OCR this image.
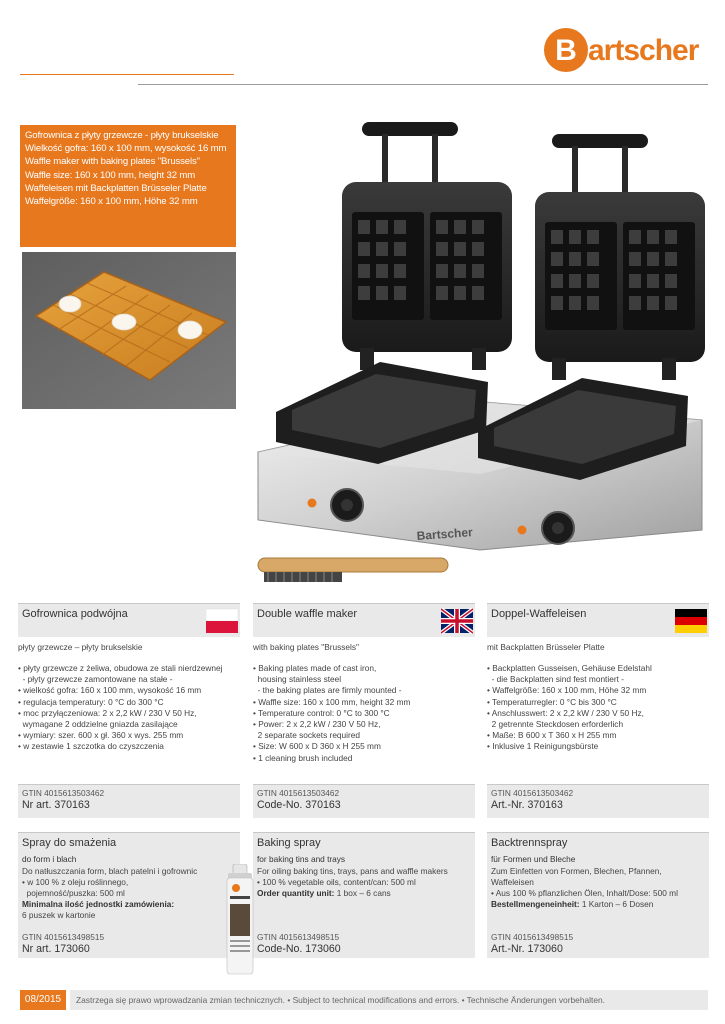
B artscher
Gofrownica z płyty grzewcze - płyty brukselskie
Wielkość gofra: 160 x 100 mm, wysokość 16 mm
Waffle maker with baking plates "Brussels"
Waffle size: 160 x 100 mm, height 32 mm
Waffeleisen mit Backplatten Brüsseler Platte
Waffelgröße: 160 x 100 mm, Höhe 32 mm
Bartscher
Gofrownica podwójna
płyty grzewcze – płyty brukselskie
• płyty grzewcze z żeliwa, obudowa ze stali nierdzewnej
- płyty grzewcze zamontowane na stałe -
• wielkość gofra: 160 x 100 mm, wysokość 16 mm
• regulacja temperatury: 0 °C do 300 °C
• moc przyłączeniowa: 2 x 2,2 kW / 230 V 50 Hz,
wymagane 2 oddzielne gniazda zasilające
• wymiary: szer. 600 x gł. 360 x wys. 255 mm
• w zestawie 1 szczotka do czyszczenia
Double waffle maker
with baking plates "Brussels"
• Baking plates made of cast iron,
housing stainless steel
- the baking plates are firmly mounted -
• Waffle size: 160 x 100 mm, height 32 mm
• Temperature control: 0 °C to 300 °C
• Power: 2 x 2,2 kW / 230 V 50 Hz,
2 separate sockets required
• Size: W 600 x D 360 x H 255 mm
• 1 cleaning brush included
Doppel-Waffeleisen
mit Backplatten Brüsseler Platte
• Backplatten Gusseisen, Gehäuse Edelstahl
- die Backplatten sind fest montiert -
• Waffelgröße: 160 x 100 mm, Höhe 32 mm
• Temperaturregler: 0 °C bis 300 °C
• Anschlusswert: 2 x 2,2 kW / 230 V 50 Hz,
2 getrennte Steckdosen erforderlich
• Maße: B 600 x T 360 x H 255 mm
• Inklusive 1 Reinigungsbürste
GTIN 4015613503462
Nr art. 370163
GTIN 4015613503462
Code-No. 370163
GTIN 4015613503462
Art.-Nr. 370163
Spray do smażenia
do form i blach
Baking spray
for baking tins and trays
Backtrennspray
für Formen und Bleche
Do natłuszczania form, blach patelni i gofrownic
• w 100 % z oleju roślinnego,
pojemność/puszka: 500 ml
Minimalna ilość jednostki zamówienia:
6 puszek w kartonie
For oiling baking tins, trays, pans and waffle makers
• 100 % vegetable oils, content/can: 500 ml
Order quantity unit: 1 box – 6 cans
Zum Einfetten von Formen, Blechen, Pfannen,
Waffeleisen
• Aus 100 % pflanzlichen Ölen, Inhalt/Dose: 500 ml
Bestellmengeneinheit: 1 Karton – 6 Dosen
GTIN 4015613498515
Nr art. 173060
GTIN 4015613498515
Code-No. 173060
GTIN 4015613498515
Art.-Nr. 173060
08/2015	Zastrzega się prawo wprowadzania zmian technicznych. • Subject to technical modifications and errors. • Technische Änderungen vorbehalten.
